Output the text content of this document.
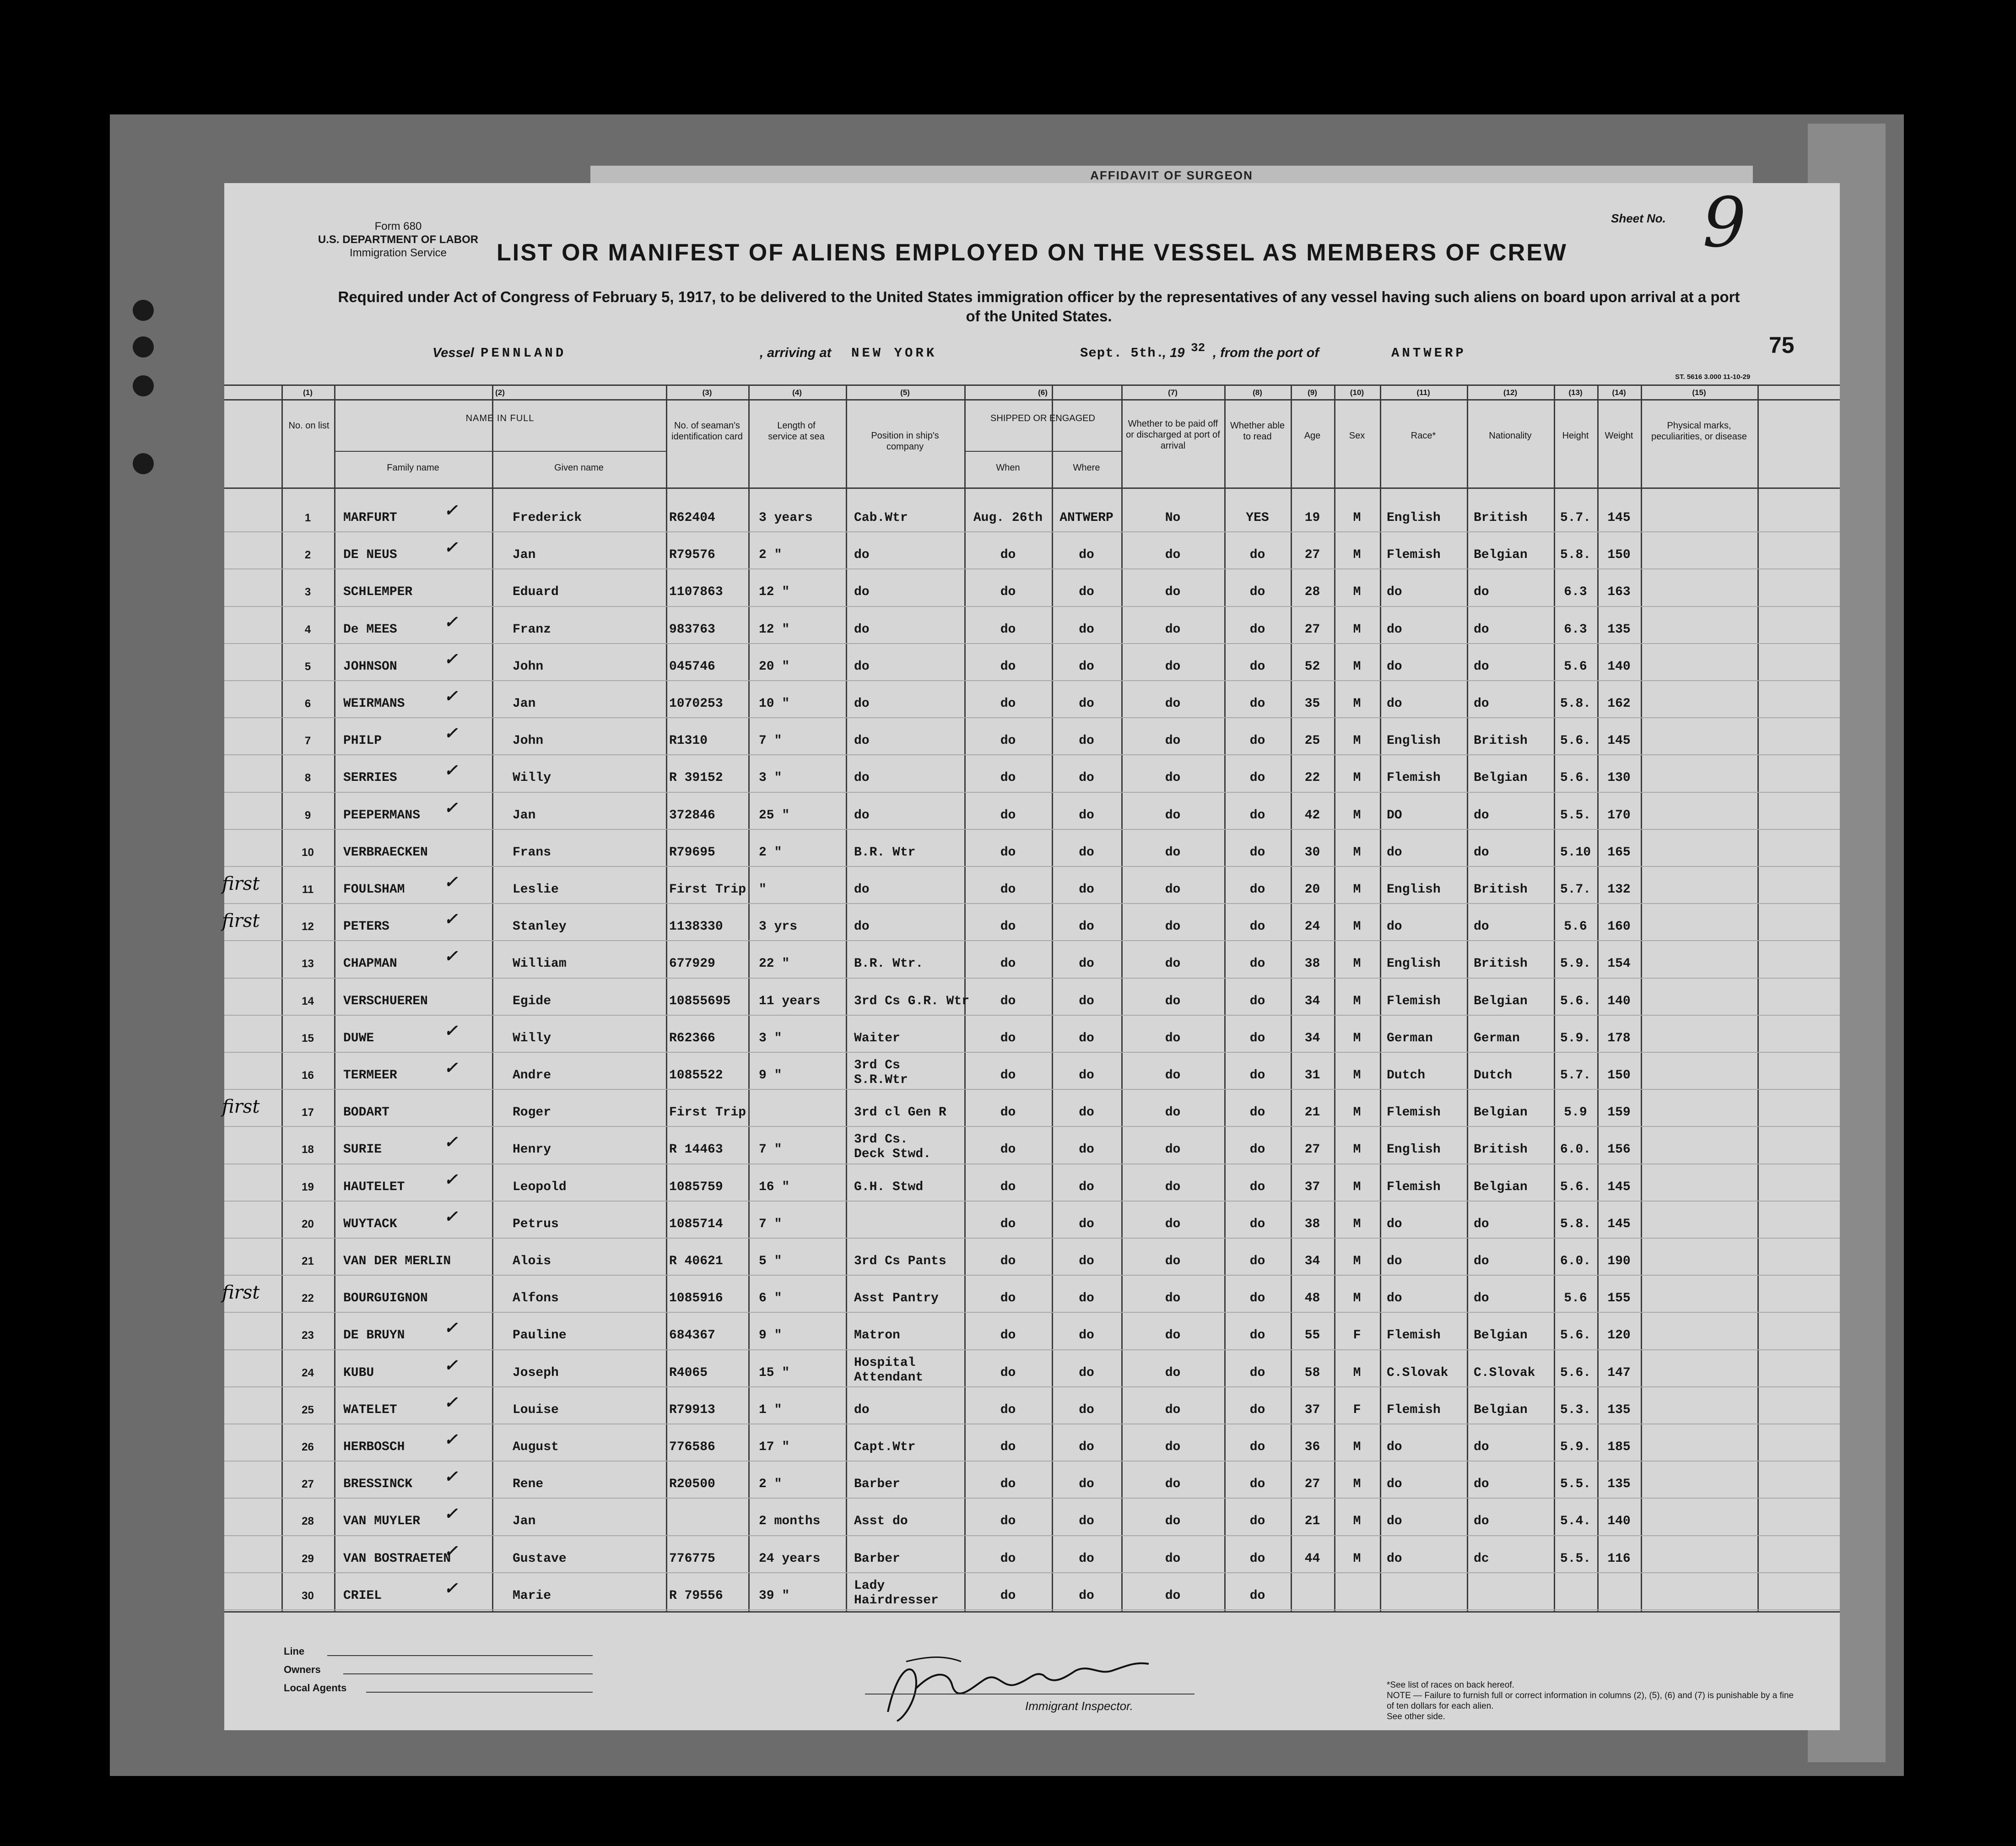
AFFIDAVIT OF SURGEON
Form 680
U.S. DEPARTMENT OF LABOR
Immigration Service
Sheet No. 9
LIST OR MANIFEST OF ALIENS EMPLOYED ON THE VESSEL AS MEMBERS OF CREW
Required under Act of Congress of February 5, 1917, to be delivered to the United States immigration officer by the representatives of any vessel having such aliens on board upon arrival at a port of the United States.
Vessel PENNLAND	, arriving at NEW YORK	Sept. 5th.
, 19 32 , from the port of	ANTWERP	75
ST. 5616 3.000 11-10-29
(1)	(2)	(3)	(4)	(5)	(6)	(7)	(8)	(9)	(10)	(11)	(12)	(13)	(14)	(15)
No. on list
NAME IN FULL
Family name	Given name
No. of seaman's identification card
Length of service at sea	Position in ship's company
SHIPPED OR ENGAGED
When	Where
Whether to be paid off or discharged at port of arrival
Whether able to read	Age	Sex	Race*	Nationality	Height	Weight
Physical marks, peculiarities, or disease
1	MARFURT	Frederick	R62404	3 years	Cab.Wtr	Aug. 26th	ANTWERP	No	YES	19	M	English	British	5.7.	145
✓
2	DE NEUS	Jan	R79576	2 "	do	do	do	do	do	27	M	Flemish	Belgian	5.8.	150
✓
3	SCHLEMPER	Eduard	1107863	12 "	do	do	do	do	do	28	M	do	do	6.3	163
4	De MEES	Franz	983763	12 "	do	do	do	do	do	27	M	do	do	6.3	135
✓
5	JOHNSON	John	045746	20 "	do	do	do	do	do	52	M	do	do	5.6	140
✓
6	WEIRMANS	Jan	1070253	10 "	do	do	do	do	do	35	M	do	do	5.8.	162
✓
7	PHILP	John	R1310	7 "	do	do	do	do	do	25	M	English	British	5.6.	145
✓
8	SERRIES	Willy	R 39152	3 "	do	do	do	do	do	22	M	Flemish	Belgian	5.6.	130
✓
9	PEEPERMANS	Jan	372846	25 "	do	do	do	do	do	42	M	DO	do	5.5.	170
✓
10	VERBRAECKEN	Frans	R79695	2 "	B.R. Wtr	do	do	do	do	30	M	do	do	5.10	165
11	FOULSHAM	Leslie	First Trip "	do	do	do	do	do	20	M	English	British	5.7.	132
✓
first
12	PETERS	Stanley	1138330	3 yrs	do	do	do	do	do	24	M	do	do	5.6	160
✓
first
13	CHAPMAN	William	677929	22 "	B.R. Wtr.	do	do	do	do	38	M	English	British	5.9.	154
✓
14	VERSCHUEREN	Egide	10855695	11 years	3rd Cs G.R. Wtr	do	do	do	do	34	M	Flemish	Belgian	5.6.	140
15	DUWE	Willy	R62366	3 "	Waiter	do	do	do	do	34	M	German	German	5.9.	178
✓
16	TERMEER	Andre	1085522	9 "
3rd Cs
S.R.Wtr	do	do	do	do	31	M	Dutch	Dutch	5.7.	150
✓
17	BODART	Roger	First Trip	3rd cl Gen R	do	do	do	do	21	M	Flemish	Belgian	5.9	159
first
18	SURIE	Henry	R 14463	7 "
3rd Cs.
Deck Stwd.	do	do	do	do	27	M	English	British	6.0.	156
✓
19	HAUTELET	Leopold	1085759	16 "	G.H. Stwd	do	do	do	do	37	M	Flemish	Belgian	5.6.	145
✓
20	WUYTACK	Petrus	1085714	7 "	do	do	do	do	38	M	do	do	5.8.	145
✓
21	VAN DER MERLIN	Alois	R 40621	5 "	3rd Cs Pants	do	do	do	do	34	M	do	do	6.0.	190
22	BOURGUIGNON	Alfons	1085916	6 "	Asst Pantry	do	do	do	do	48	M	do	do	5.6	155
first
23	DE BRUYN	Pauline	684367	9 "	Matron	do	do	do	do	55	F	Flemish	Belgian	5.6.	120
✓
24	KUBU	Joseph	R4065	15 "
Hospital
Attendant	do	do	do	do	58	M	C.Slovak	C.Slovak	5.6.	147
✓
25	WATELET	Louise	R79913	1 "	do	do	do	do	do	37	F	Flemish	Belgian	5.3.	135
✓
26	HERBOSCH	August	776586	17 "	Capt.Wtr	do	do	do	do	36	M	do	do	5.9.	185
✓
27	BRESSINCK	Rene	R20500	2 "	Barber	do	do	do	do	27	M	do	do	5.5.	135
✓
28	VAN MUYLER	Jan	2 months	Asst do	do	do	do	do	21	M	do	do	5.4.	140
✓
29	VAN BOSTRAETEN	Gustave	776775	24 years	Barber	do	do	do	do	44	M	do	dc	5.5.	116
✓
30	CRIEL	Marie	R 79556	39 "
Lady
Hairdresser	do	do	do	do
✓
Line
Owners
Local Agents
Immigrant Inspector.
*See list of races on back hereof.
NOTE — Failure to furnish full or correct information in columns (2), (5), (6) and (7) is punishable by a fine of ten dollars for each alien.
See other side.
